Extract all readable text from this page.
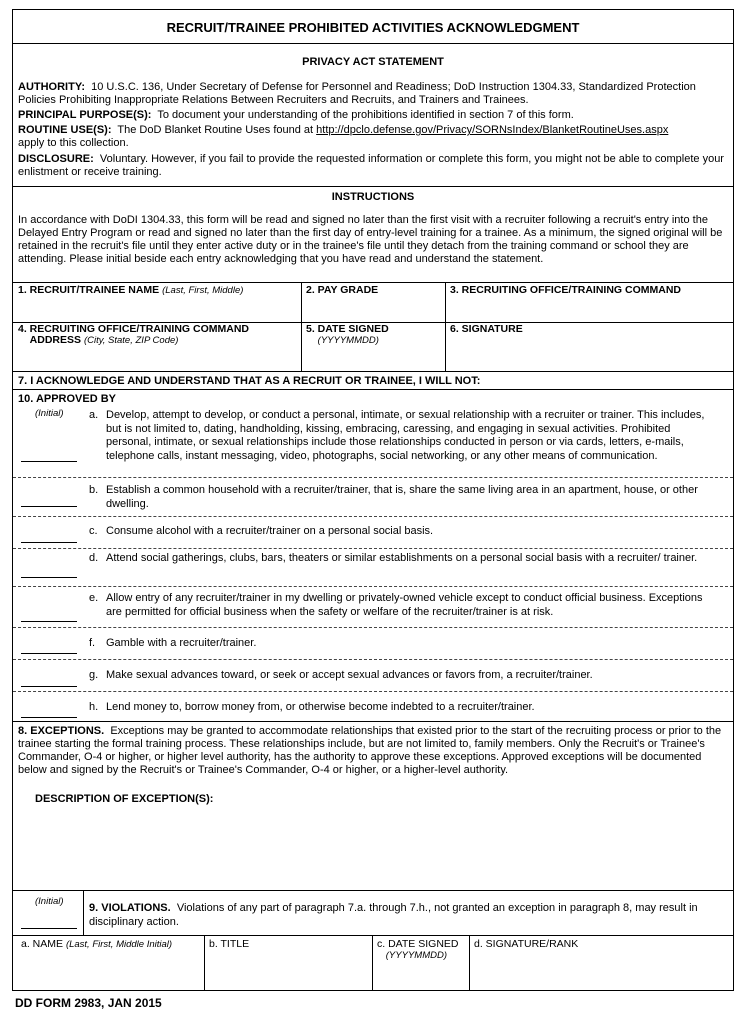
RECRUIT/TRAINEE PROHIBITED ACTIVITIES ACKNOWLEDGMENT
PRIVACY ACT STATEMENT
AUTHORITY: 10 U.S.C. 136, Under Secretary of Defense for Personnel and Readiness; DoD Instruction 1304.33, Standardized Protection Policies Prohibiting Inappropriate Relations Between Recruiters and Recruits, and Trainers and Trainees.
PRINCIPAL PURPOSE(S): To document your understanding of the prohibitions identified in section 7 of this form.
ROUTINE USE(S): The DoD Blanket Routine Uses found at http://dpclo.defense.gov/Privacy/SORNsIndex/BlanketRoutineUses.aspx
apply to this collection.
DISCLOSURE: Voluntary. However, if you fail to provide the requested information or complete this form, you might not be able to complete your enlistment or receive training.
INSTRUCTIONS
In accordance with DoDI 1304.33, this form will be read and signed no later than the first visit with a recruiter following a recruit's entry into the Delayed Entry Program or read and signed no later than the first day of entry-level training for a trainee. As a minimum, the signed original will be retained in the recruit's file until they enter active duty or in the trainee's file until they detach from the training command or school they are attending. Please initial beside each entry acknowledging that you have read and understand the statement.
1. RECRUIT/TRAINEE NAME (Last, First, Middle)	2. PAY GRADE	3. RECRUITING OFFICE/TRAINING COMMAND
4. RECRUITING OFFICE/TRAINING COMMAND
ADDRESS (City, State, ZIP Code)
5. DATE SIGNED
(YYYYMMDD)
6. SIGNATURE
7. I ACKNOWLEDGE AND UNDERSTAND THAT AS A RECRUIT OR TRAINEE, I WILL NOT:
10. APPROVED BY
(Initial) a. Develop, attempt to develop, or conduct a personal, intimate, or sexual relationship with a recruiter or trainer. This includes, but is not limited to, dating, handholding, kissing, embracing, caressing, and engaging in sexual activities. Prohibited personal, intimate, or sexual relationships include those relationships conducted in person or via cards, letters, e-mails, telephone calls, instant messaging, video, photographs, social networking, or any other means of communication.
b. Establish a common household with a recruiter/trainer, that is, share the same living area in an apartment, house, or other dwelling.
c. Consume alcohol with a recruiter/trainer on a personal social basis.
d. Attend social gatherings, clubs, bars, theaters or similar establishments on a personal social basis with a recruiter/ trainer.
e. Allow entry of any recruiter/trainer in my dwelling or privately-owned vehicle except to conduct official business. Exceptions are permitted for official business when the safety or welfare of the recruiter/trainer is at risk.
f. Gamble with a recruiter/trainer.
g. Make sexual advances toward, or seek or accept sexual advances or favors from, a recruiter/trainer.
h. Lend money to, borrow money from, or otherwise become indebted to a recruiter/trainer.
8. EXCEPTIONS. Exceptions may be granted to accommodate relationships that existed prior to the start of the recruiting process or prior to the trainee starting the formal training process. These relationships include, but are not limited to, family members. Only the Recruit's or Trainee's Commander, O-4 or higher, or higher level authority, has the authority to approve these exceptions. Approved exceptions will be documented below and signed by the Recruit's or Trainee's Commander, O-4 or higher, or a higher-level authority.
DESCRIPTION OF EXCEPTION(S):
(Initial)
9. VIOLATIONS. Violations of any part of paragraph 7.a. through 7.h., not granted an exception in paragraph 8, may result in disciplinary action.
a. NAME (Last, First, Middle Initial)	b. TITLE	c. DATE SIGNED
(YYYYMMDD)
d. SIGNATURE/RANK
DD FORM 2983, JAN 2015
